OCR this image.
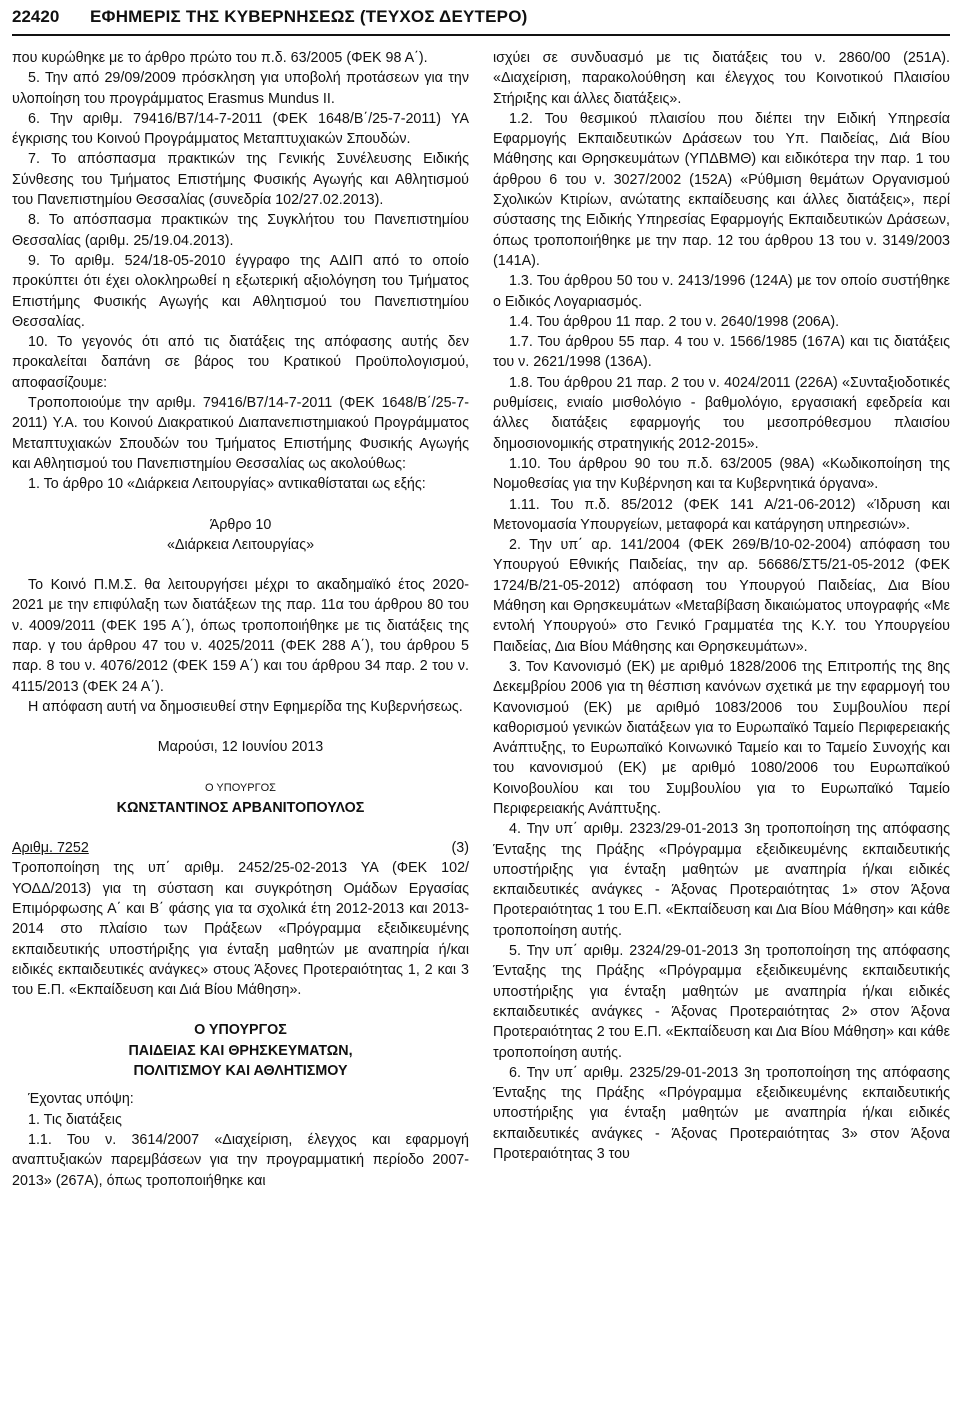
22420	ΕΦΗΜΕΡΙΣ ΤΗΣ ΚΥΒΕΡΝΗΣΕΩΣ (ΤΕΥΧΟΣ ΔΕΥΤΕΡΟ)

που κυρώθηκε με το άρθρο πρώτο του π.δ. 63/2005 (ΦΕΚ 98 Α΄).

5. Την από 29/09/2009 πρόσκληση για υποβολή προτάσεων για την υλοποίηση του προγράμματος Erasmus Mundus II.

6. Την αριθμ. 79416/Β7/14-7-2011 (ΦΕΚ 1648/Β΄/25-7-2011) ΥΑ έγκρισης του Κοινού Προγράμματος Μεταπτυχιακών Σπουδών.

7. Το απόσπασμα πρακτικών της Γενικής Συνέλευσης Ειδικής Σύνθεσης του Τμήματος Επιστήμης Φυσικής Αγωγής και Αθλητισμού του Πανεπιστημίου Θεσσαλίας (συνεδρία 102/27.02.2013).

8. Το απόσπασμα πρακτικών της Συγκλήτου του Πανεπιστημίου Θεσσαλίας (αριθμ. 25/19.04.2013).

9. Το αριθμ. 524/18-05-2010 έγγραφο της ΑΔΙΠ από το οποίο προκύπτει ότι έχει ολοκληρωθεί η εξωτερική αξιολόγηση του Τμήματος Επιστήμης Φυσικής Αγωγής και Αθλητισμού του Πανεπιστημίου Θεσσαλίας.

10. Το γεγονός ότι από τις διατάξεις της απόφασης αυτής δεν προκαλείται δαπάνη σε βάρος του Κρατικού Προϋπολογισμού, αποφασίζουμε:

Τροποποιούμε την αριθμ. 79416/Β7/14-7-2011 (ΦΕΚ 1648/Β΄/25-7-2011) Υ.Α. του Κοινού Διακρατικού Διαπανεπιστημιακού Προγράμματος Μεταπτυχιακών Σπουδών του Τμήματος Επιστήμης Φυσικής Αγωγής και Αθλητισμού του Πανεπιστημίου Θεσσαλίας ως ακολούθως:

1. Το άρθρο 10 «Διάρκεια Λειτουργίας» αντικαθίσταται ως εξής:

Άρθρο 10

«Διάρκεια Λειτουργίας»

Το Κοινό Π.Μ.Σ. θα λειτουργήσει μέχρι το ακαδημαϊκό έτος 2020-2021 με την επιφύλαξη των διατάξεων της παρ. 11α του άρθρου 80 του ν. 4009/2011 (ΦΕΚ 195 Α΄), όπως τροποποιήθηκε με τις διατάξεις της παρ. γ του άρθρου 47 του ν. 4025/2011 (ΦΕΚ 288 Α΄), του άρθρου 5 παρ. 8 του ν. 4076/2012 (ΦΕΚ 159 Α΄) και του άρθρου 34 παρ. 2 του ν. 4115/2013 (ΦΕΚ 24 Α΄).

Η απόφαση αυτή να δημοσιευθεί στην Εφημερίδα της Κυβερνήσεως.

Μαρούσι, 12 Ιουνίου 2013

Ο ΥΠΟΥΡΓΟΣ

ΚΩΝΣΤΑΝΤΙΝΟΣ ΑΡΒΑΝΙΤΟΠΟΥΛΟΣ

Αριθμ. 7252	(3)

Τροποποίηση της υπ΄ αριθμ. 2452/25-02-2013 ΥΑ (ΦΕΚ 102/ΥΟΔΔ/2013) για τη σύσταση και συγκρότηση Ομάδων Εργασίας Επιμόρφωσης Α΄ και Β΄ φάσης για τα σχολικά έτη 2012-2013 και 2013-2014 στο πλαίσιο των Πράξεων «Πρόγραμμα εξειδικευμένης εκπαιδευτικής υποστήριξης για ένταξη μαθητών με αναπηρία ή/και ειδικές εκπαιδευτικές ανάγκες» στους Άξονες Προτεραιότητας 1, 2 και 3 του Ε.Π. «Εκπαίδευση και Διά Βίου Μάθηση».

Ο ΥΠΟΥΡΓΟΣ

ΠΑΙΔΕΙΑΣ ΚΑΙ ΘΡΗΣΚΕΥΜΑΤΩΝ,

ΠΟΛΙΤΙΣΜΟΥ ΚΑΙ ΑΘΛΗΤΙΣΜΟΥ

Έχοντας υπόψη:

1. Τις διατάξεις

1.1. Του ν. 3614/2007 «Διαχείριση, έλεγχος και εφαρμογή αναπτυξιακών παρεμβάσεων για την προγραμματική περίοδο 2007-2013» (267Α), όπως τροποποιήθηκε και

ισχύει σε συνδυασμό με τις διατάξεις του ν. 2860/00 (251Α). «Διαχείριση, παρακολούθηση και έλεγχος του Κοινοτικού Πλαισίου Στήριξης και άλλες διατάξεις».

1.2. Του θεσμικού πλαισίου που διέπει την Ειδική Υπηρεσία Εφαρμογής Εκπαιδευτικών Δράσεων του Υπ. Παιδείας, Διά Βίου Μάθησης και Θρησκευμάτων (ΥΠΔΒΜΘ) και ειδικότερα την παρ. 1 του άρθρου 6 του ν. 3027/2002 (152Α) «Ρύθμιση θεμάτων Οργανισμού Σχολικών Κτιρίων, ανώτατης εκπαίδευσης και άλλες διατάξεις», περί σύστασης της Ειδικής Υπηρεσίας Εφαρμογής Εκπαιδευτικών Δράσεων, όπως τροποποιήθηκε με την παρ. 12 του άρθρου 13 του ν. 3149/2003 (141Α).

1.3. Του άρθρου 50 του ν. 2413/1996 (124Α) με τον οποίο συστήθηκε ο Ειδικός Λογαριασμός.

1.4. Του άρθρου 11 παρ. 2 του ν. 2640/1998 (206Α).

1.7. Του άρθρου 55 παρ. 4 του ν. 1566/1985 (167Α) και τις διατάξεις του ν. 2621/1998 (136Α).

1.8. Του άρθρου 21 παρ. 2 του ν. 4024/2011 (226Α) «Συνταξιοδοτικές ρυθμίσεις, ενιαίο μισθολόγιο - βαθμολόγιο, εργασιακή εφεδρεία και άλλες διατάξεις εφαρμογής του μεσοπρόθεσμου πλαισίου δημοσιονομικής στρατηγικής 2012-2015».

1.10. Του άρθρου 90 του π.δ. 63/2005 (98Α) «Κωδικοποίηση της Νομοθεσίας για την Κυβέρνηση και τα Κυβερνητικά όργανα».

1.11. Του π.δ. 85/2012 (ΦΕΚ 141 Α/21-06-2012) «Ίδρυση και Μετονομασία Υπουργείων, μεταφορά και κατάργηση υπηρεσιών».

2. Την υπ΄ αρ. 141/2004 (ΦΕΚ 269/Β/10-02-2004) απόφαση του Υπουργού Εθνικής Παιδείας, την αρ. 56686/ΣΤ5/21-05-2012 (ΦΕΚ 1724/Β/21-05-2012) απόφαση του Υπουργού Παιδείας, Δια Βίου Μάθηση και Θρησκευμάτων «Μεταβίβαση δικαιώματος υπογραφής «Με εντολή Υπουργού» στο Γενικό Γραμματέα της Κ.Υ. του Υπουργείου Παιδείας, Δια Βίου Μάθησης και Θρησκευμάτων».

3. Τον Κανονισμό (ΕΚ) με αριθμό 1828/2006 της Επιτροπής της 8ης Δεκεμβρίου 2006 για τη θέσπιση κανόνων σχετικά με την εφαρμογή του Κανονισμού (ΕΚ) με αριθμό 1083/2006 του Συμβουλίου περί καθορισμού γενικών διατάξεων για το Ευρωπαϊκό Ταμείο Περιφερειακής Ανάπτυξης, το Ευρωπαϊκό Κοινωνικό Ταμείο και το Ταμείο Συνοχής και του κανονισμού (ΕΚ) με αριθμό 1080/2006 του Ευρωπαϊκού Κοινοβουλίου και του Συμβουλίου για το Ευρωπαϊκό Ταμείο Περιφερειακής Ανάπτυξης.

4. Την υπ΄ αριθμ. 2323/29-01-2013 3η τροποποίηση της απόφασης Ένταξης της Πράξης «Πρόγραμμα εξειδικευμένης εκπαιδευτικής υποστήριξης για ένταξη μαθητών με αναπηρία ή/και ειδικές εκπαιδευτικές ανάγκες - Άξονας Προτεραιότητας 1» στον Άξονα Προτεραιότητας 1 του Ε.Π. «Εκπαίδευση και Δια Βίου Μάθηση» και κάθε τροποποίηση αυτής.

5. Την υπ΄ αριθμ. 2324/29-01-2013 3η τροποποίηση της απόφασης Ένταξης της Πράξης «Πρόγραμμα εξειδικευμένης εκπαιδευτικής υποστήριξης για ένταξη μαθητών με αναπηρία ή/και ειδικές εκπαιδευτικές ανάγκες - Άξονας Προτεραιότητας 2» στον Άξονα Προτεραιότητας 2 του Ε.Π. «Εκπαίδευση και Δια Βίου Μάθηση» και κάθε τροποποίηση αυτής.

6. Την υπ΄ αριθμ. 2325/29-01-2013 3η τροποποίηση της απόφασης Ένταξης της Πράξης «Πρόγραμμα εξειδικευμένης εκπαιδευτικής υποστήριξης για ένταξη μαθητών με αναπηρία ή/και ειδικές εκπαιδευτικές ανάγκες - Άξονας Προτεραιότητας 3» στον Άξονα Προτεραιότητας 3 του
